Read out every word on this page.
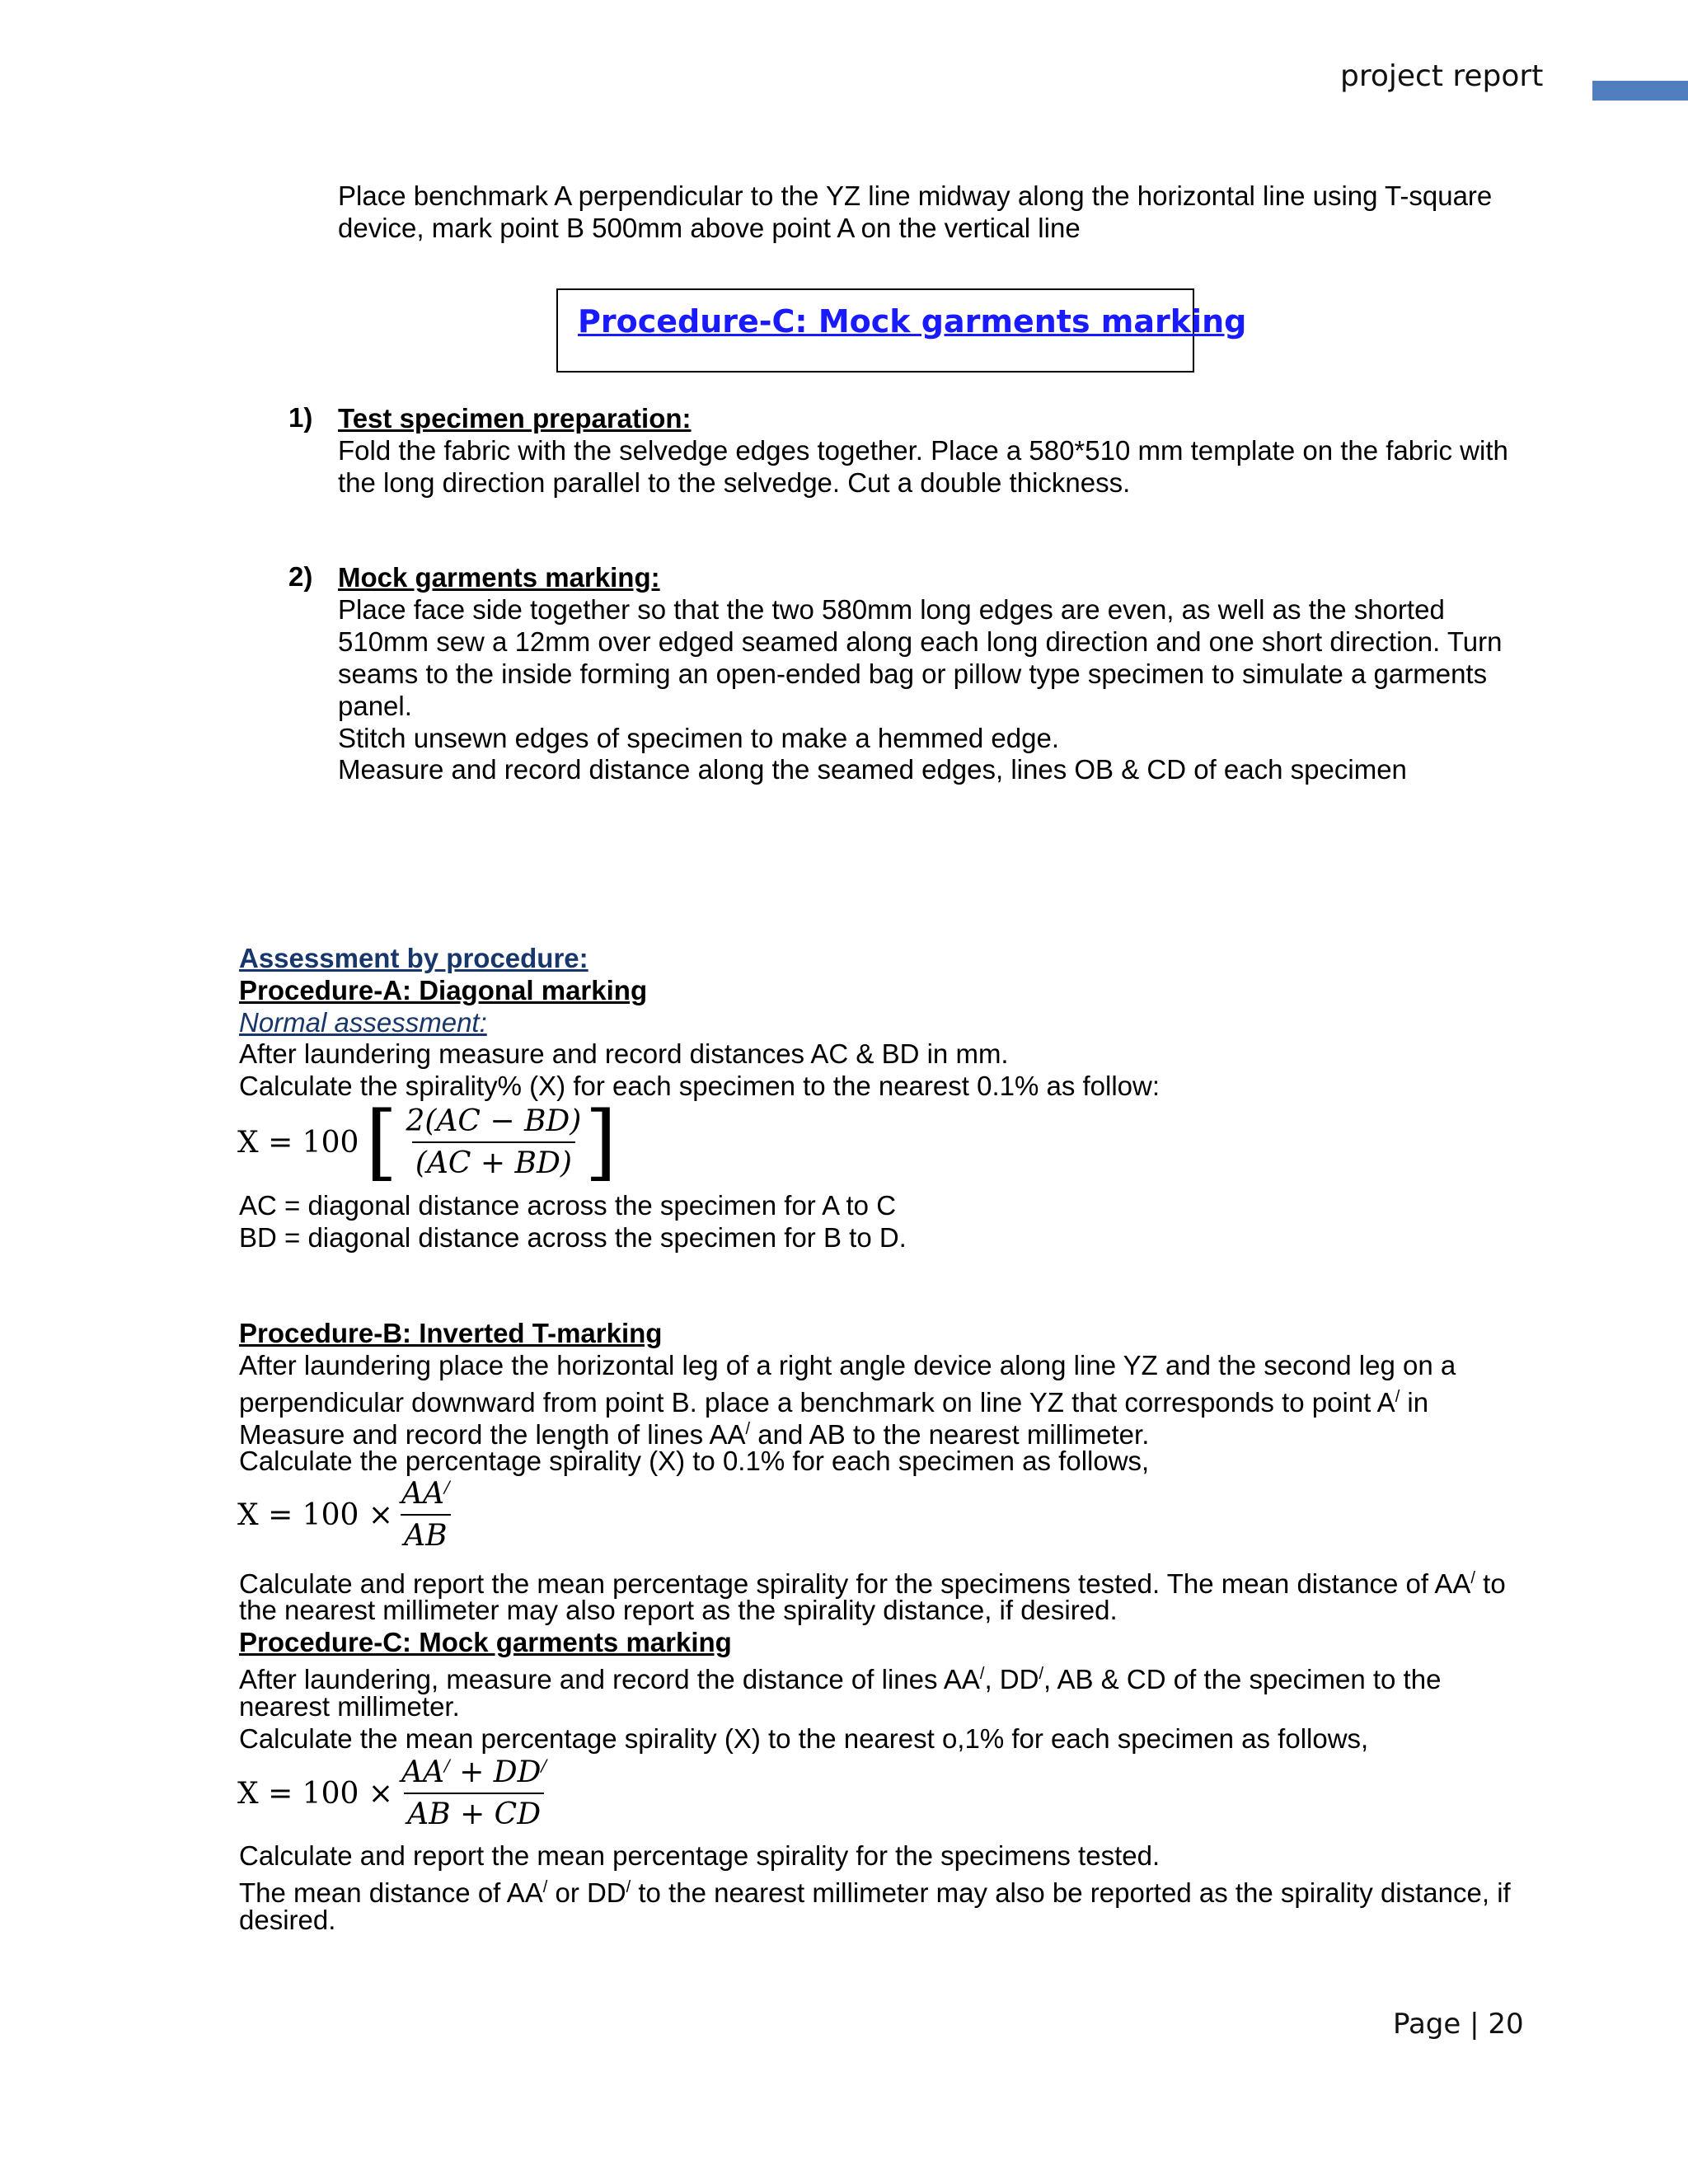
project report
Place benchmark A perpendicular to the YZ line midway along the horizontal line using T-square
device, mark point B 500mm above point A on the vertical line
Procedure-C: Mock garments marking
1) Test specimen preparation:
Fold the fabric with the selvedge edges together. Place a 580*510 mm template on the fabric with
the long direction parallel to the selvedge. Cut a double thickness.
2) Mock garments marking:
Place face side together so that the two 580mm long edges are even, as well as the shorted
510mm sew a 12mm over edged seamed along each long direction and one short direction. Turn
seams to the inside forming an open-ended bag or pillow type specimen to simulate a garments
panel.
Stitch unsewn edges of specimen to make a hemmed edge.
Measure and record distance along the seamed edges, lines OB & CD of each specimen
Assessment by procedure:
Procedure-A: Diagonal marking
Normal assessment:
After laundering measure and record distances AC & BD in mm.
Calculate the spirality% (X) for each specimen to the nearest 0.1% as follow:
X = 100 [ $\frac{2(AC - BD)}{(AC + BD)}$ ]
AC = diagonal distance across the specimen for A to C
BD = diagonal distance across the specimen for B to D.
Procedure-B: Inverted T-marking
After laundering place the horizontal leg of a right angle device along line YZ and the second leg on a
perpendicular downward from point B. place a benchmark on line YZ that corresponds to point A/ in
Measure and record the length of lines AA/ and AB to the nearest millimeter.
Calculate the percentage spirality (X) to 0.1% for each specimen as follows,
$X = 100 \times \frac{AA^/}{AB}$
Calculate and report the mean percentage spirality for the specimens tested. The mean distance of AA/ to
the nearest millimeter may also report as the spirality distance, if desired.
Procedure-C: Mock garments marking
After laundering, measure and record the distance of lines AA/, DD/, AB & CD of the specimen to the
nearest millimeter.
Calculate the mean percentage spirality (X) to the nearest o,1% for each specimen as follows,
$X = 100 \times \frac{AA^/ + DD^/}{AB + CD}$
Calculate and report the mean percentage spirality for the specimens tested.
The mean distance of AA/ or DD/ to the nearest millimeter may also be reported as the spirality distance, if
desired.
Page | 20
